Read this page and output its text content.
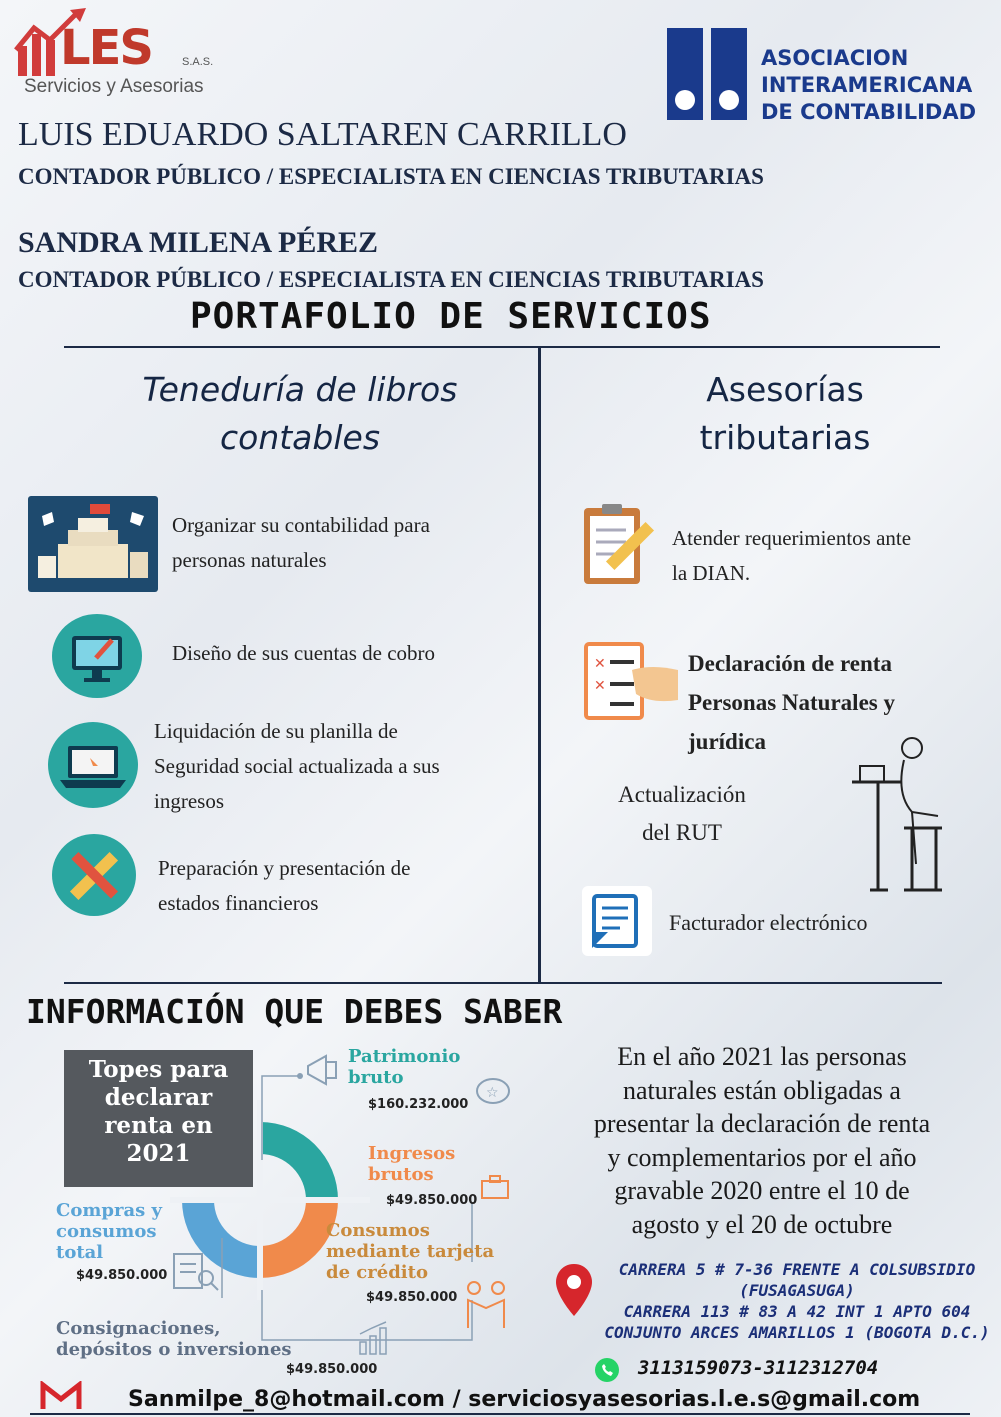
LES	S.A.S.
Servicios y Asesorias
ASOCIACION
INTERAMERICANA
DE CONTABILIDAD
LUIS EDUARDO SALTAREN CARRILLO
CONTADOR PÚBLICO / ESPECIALISTA EN CIENCIAS TRIBUTARIAS
SANDRA MILENA PÉREZ
CONTADOR PÚBLICO / ESPECIALISTA EN CIENCIAS TRIBUTARIAS
PORTAFOLIO DE SERVICIOS
Teneduría de libros
contables
Organizar su contabilidad para
personas naturales
Diseño de sus cuentas de cobro
Liquidación de su planilla de
Seguridad social actualizada a sus
ingresos
Preparación y presentación de
estados financieros
Asesorías
tributarias
Atender requerimientos ante
la DIAN.
✕
✕
Declaración de renta
Personas Naturales y
jurídica
Actualización
del RUT
Facturador electrónico
INFORMACIÓN QUE DEBES SABER
Topes para
declarar
renta en
2021
Patrimonio
bruto
$160.232.000
☆
Ingresos
brutos
$49.850.000
Consumos
mediante tarjeta
de crédito
$49.850.000
Compras y
consumos
total
$49.850.000
Consignaciones,
depósitos o inversiones
$49.850.000
En el año 2021 las personas
naturales están obligadas a
presentar la declaración de renta
y complementarios por el año
gravable 2020 entre el 10 de
agosto y el 20 de octubre
CARRERA 5 # 7-36 FRENTE A COLSUBSIDIO
(FUSAGASUGA)
CARRERA 113 # 83 A 42 INT 1 APTO 604
CONJUNTO ARCES AMARILLOS 1 (BOGOTA D.C.)
3113159073-3112312704
Sanmilpe_8@hotmail.com / serviciosyasesorias.l.e.s@gmail.com
